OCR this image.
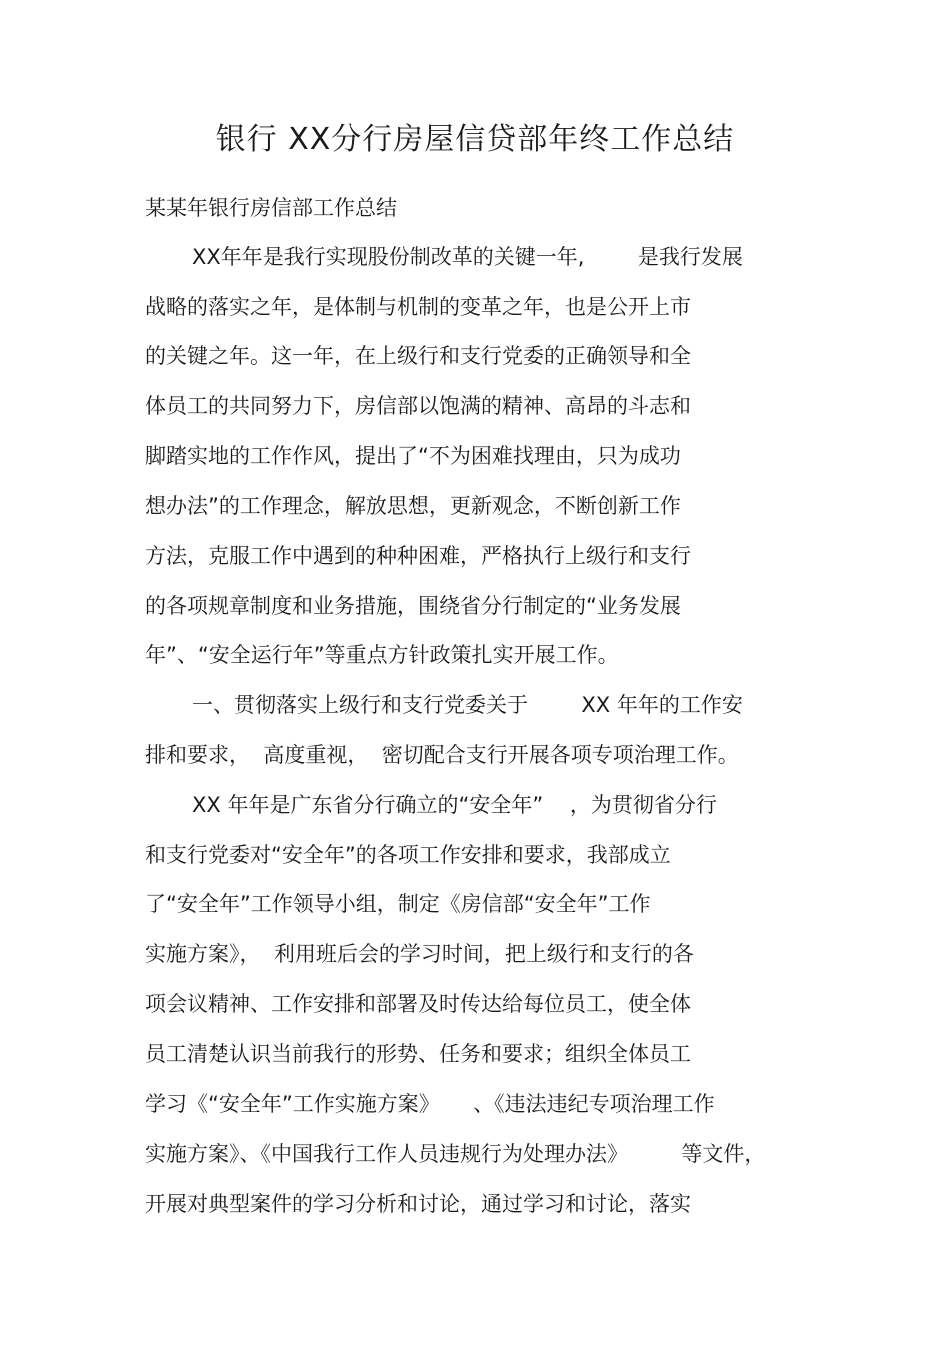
银行 XX分行房屋信贷部年终工作总结
某某年银行房信部工作总结
XX年年是我行实现股份制改革的关键一年,        是我行发展
战略的落实之年，是体制与机制的变革之年，也是公开上市
的关键之年。这一年，在上级行和支行党委的正确领导和全
体员工的共同努力下，房信部以饱满的精神、高昂的斗志和
脚踏实地的工作作风，提出了“不为困难找理由，只为成功
想办法”的工作理念，解放思想，更新观念，不断创新工作
方法，克服工作中遇到的种种困难，严格执行上级行和支行
的各项规章制度和业务措施，围绕省分行制定的“业务发展
年”、“安全运行年”等重点方针政策扎实开展工作。
一、贯彻落实上级行和支行党委关于        XX 年年的工作安
排和要求，  高度重视，  密切配合支行开展各项专项治理工作。
XX 年年是广东省分行确立的“安全年”    ，为贯彻省分行
和支行党委对“安全年”的各项工作安排和要求，我部成立
了“安全年”工作领导小组，制定《房信部“安全年”工作
实施方案》，  利用班后会的学习时间，把上级行和支行的各
项会议精神、工作安排和部署及时传达给每位员工，使全体
员工清楚认识当前我行的形势、任务和要求；组织全体员工
学习《“安全年”工作实施方案》     、《违法违纪专项治理工作
实施方案》、《中国我行工作人员违规行为处理办法》        等文件，
开展对典型案件的学习分析和讨论，通过学习和讨论，落实
